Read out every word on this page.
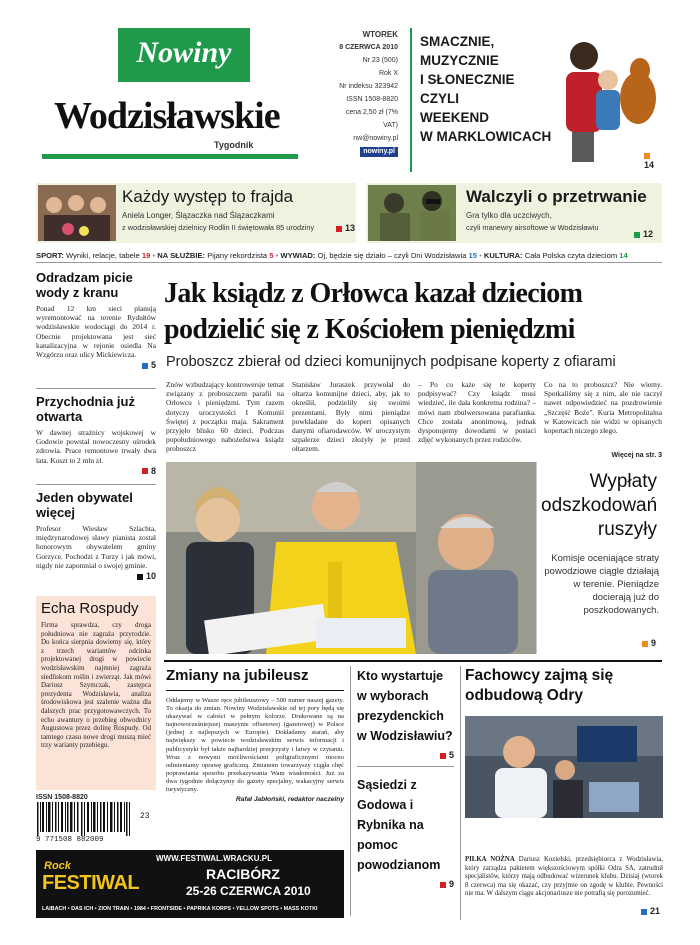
Nowiny
Wodzisławskie
Tygodnik
WTOREK
8 CZERWCA 2010
Nr 23 (500)
Rok X
Nr indeksu 323942
ISSN 1508-8820
cena 2,50 zł (7% VAT)
nw@nowiny.pl
nowiny.pl
SMACZNIE,
MUZYCZNIE
I SŁONECZNIE
CZYLI
WEEKEND
W MARKLOWICACH
14
Każdy występ to frajda
Aniela Longer, Ślązaczka nad Ślązaczkami
z wodzisławskiej dzielnicy Rodlin II świętowała 85 urodziny	13
Walczyli o przetrwanie
Gra tylko dla uczciwych,
czyli manewry airsoftowe w Wodzisławiu
12
SPORT: Wyniki, relacje, tabele 19 • NA SŁUŻBIE: Pijany rekordzista 5 • WYWIAD: Oj, będzie się działo – czyli Dni Wodzisławia 15 • KULTURA: Cała Polska czyta dzieciom 14
Odradzam picie wody z kranu
Ponad 12 km sieci planują wyremontować na terenie Rydułtów wodzisławskie wodociągi do 2014 r. Obecnie projektowana jest sieć kanalizacyjna w rejonie osiedla Na Wzgórzu oraz ulicy Mickiewicza.
5
Przychodnia już otwarta
W dawnej strażnicy wojskowej w Godowie powstał nowoczesny ośrodek zdrowia. Prace remontowe trwały dwa lata. Koszt to 2 mln zł.
8
Jeden obywatel więcej
Profesor Wiesław Szlachta, międzynarodowej sławy pianista został honorowym obywatelem gminy Gorzyce. Pochodzi z Turzy i jak mówi, nigdy nie zapomniał o swojej gminie.
10
Echa Rospudy
Firma sprawdza, czy droga południowa nie zagraża przyrodzie. Do końca sierpnia dowiemy się, który z trzech wariantów odcinka projektowanej drogi w powiecie wodzisławskim najmniej zagraża siedliskom roślin i zwierząt. Jak mówi Dariusz Szymczak, zastępca prezydenta Wodzisławia, analiza środowiskowa jest szalenie ważna dla dalszych prac przygotowawczych. To echo awantury o przebieg obwodnicy Augustowa przez dolinę Rospudy. Od tamtego czasu nowe drogi muszą mieć trzy warianty przebiegu.
ISSN 1508-8820
9 771508 882009
23
Jak ksiądz z Orłowca kazał dzieciom podzielić się z Kościołem pieniędzmi
Proboszcz zbierał od dzieci komunijnych podpisane koperty z ofiarami
Znów wzbudzający kontrowersje temat związany z proboszczem parafii na Orłowcu i pieniędzmi. Tym razem dotyczy uroczystości I Komunii Świętej z początku maja. Sakrament przyjęło blisko 60 dzieci. Podczas popołudniowego nabożeństwa ksiądz proboszcz
Stanisław Juraszek przywołał do ołtarza komunijne dzieci, aby, jak to określił, podzieliły się swoimi prezentami. Były nimi pieniądze powkładane do kopert opisanych danymi ofiarodawców. W uroczystym szpalerze dzieci złożyły je przed ołtarzem.
– Po co każe się te koperty podpisywać? Czy ksiądz musi wiedzieć, ile dała konkretna rodzina? – mówi nam zbulwersowana parafianka. Chce została anonimową, jednak dysponujemy dowodami w postaci zdjęć wykonanych przez rodziców.
Co na to proboszcz? Nie wiemy. Spotkaliśmy się z nim, ale nie raczył nawet odpowiedzieć na pozdrowienie „Szczęść Boże". Kuria Metropolitalna w Katowicach nie widzi w opisanych kopertach niczego złego.
Więcej na str. 3
Wypłaty odszkodowań ruszyły
Komisje oceniające straty powodziowe ciągle działają w terenie. Pieniądze docierają już do poszkodowanych.
9
Zmiany na jubileusz
Oddajemy w Wasze ręce jubileuszowy – 500 numer naszej gazety. To okazja do zmian. Nowiny Wodzisławskie od tej pory będą się ukazywać w całości w pełnym kolorze. Drukowane są na najnowocześniejszej maszynie offsetowej (gazetowej) w Polsce (jednej z najlepszych w Europie). Dokładamy starań, aby największy w powiecie wodzisławskim serwis informacji i publicystyki był także najbardziej przejrzysty i łatwy w czytaniu. Wraz z nowymi możliwościami poligraficznymi mocno odmieniamy oprawę graficzną. Zmianom towarzyszy ciągła chęć poprawiania sposobu przekazywania Wam wiadomości. Już za dwa tygodnie dołączymy do gazety specjalny, wakacyjny serwis turystyczny.
Rafał Jabłoński, redaktor naczelny
Kto wystartuje w wyborach prezydenckich w Wodzisławiu?
5
Sąsiedzi z Godowa i Rybnika na pomoc powodzianom
9
Fachowcy zajmą się odbudową Odry
PIŁKA NOŻNA Dariusz Koziełski, przedsiębiorca z Wodzisławia, który zarządza pakietem większościowym spółki Odra SA, zatrudnił specjalistów, którzy mają odbudować wizerunek klubu. Dzisiaj (wtorek 8 czerwca) ma się okazać, czy przyjmie on zgodę w klubie. Pewności nie ma. W dalszym ciągu akcjonariusze nie potrafią się porozumieć.
21
WWW.FESTIWAL.WRACKU.PL
Rock
FESTIWAL	RACIBÓRZ
25-26 CZERWCA 2010
LAIBACH • DAŚ ICH • ZION TRAIN • 1984 • FRONTSIDE • PAPRIKA KORPS • YELLOW SPOTS • MASS KOTKI
